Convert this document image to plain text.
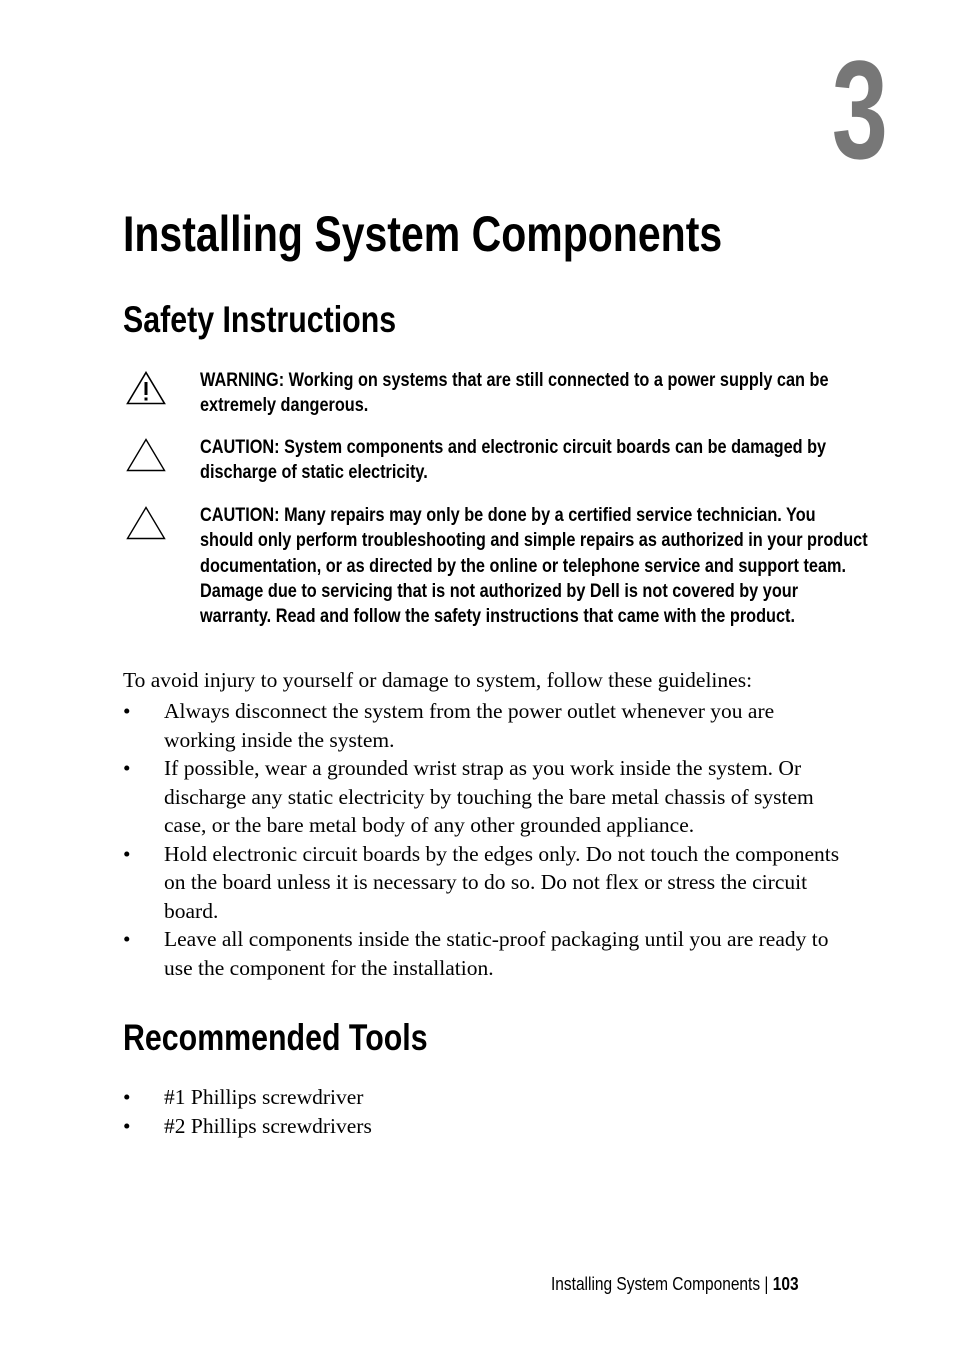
3
Installing System Components
Safety Instructions

WARNING: Working on systems that are still connected to a power supply can be extremely dangerous.

CAUTION: System components and electronic circuit boards can be damaged by discharge of static electricity.

CAUTION: Many repairs may only be done by a certified service technician. You should only perform troubleshooting and simple repairs as authorized in your product documentation, or as directed by the online or telephone service and support team. Damage due to servicing that is not authorized by Dell is not covered by your warranty. Read and follow the safety instructions that came with the product.

To avoid injury to yourself or damage to system, follow these guidelines:

• Always disconnect the system from the power outlet whenever you are working inside the system.
• If possible, wear a grounded wrist strap as you work inside the system. Or discharge any static electricity by touching the bare metal chassis of system case, or the bare metal body of any other grounded appliance.
• Hold electronic circuit boards by the edges only. Do not touch the components on the board unless it is necessary to do so. Do not flex or stress the circuit board.
• Leave all components inside the static-proof packaging until you are ready to use the component for the installation.
Recommended Tools
• #1 Phillips screwdriver
• #2 Phillips screwdrivers
Installing System Components | 103
